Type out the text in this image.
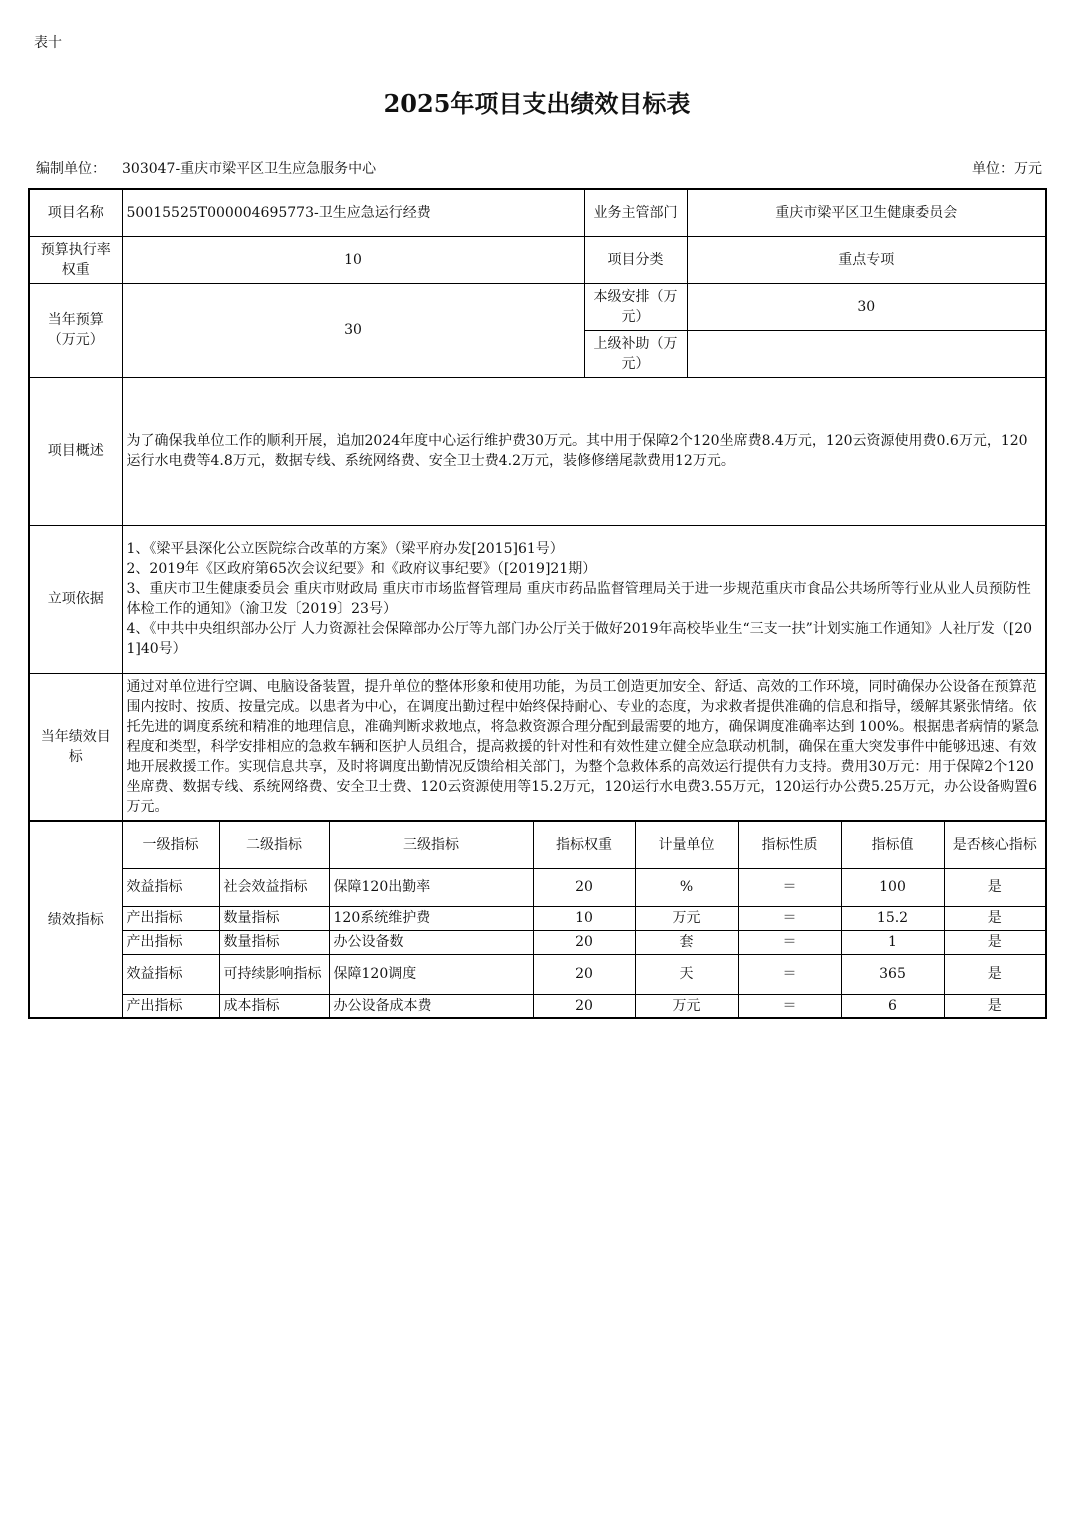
表十
2025年项目支出绩效目标表
编制单位： 303047-重庆市梁平区卫生应急服务中心	单位：万元
项目名称	50015525T000004695773-卫生应急运行经费	业务主管部门	重庆市梁平区卫生健康委员会
预算执行率权重	10	项目分类	重点专项
当年预算（万元）	30	本级安排（万元）	30
		上级补助（万元）	
项目概述	为了确保我单位工作的顺利开展，追加2024年度中心运行维护费30万元。其中用于保障2个120坐席费8.4万元，120云资源使用费0.6万元，120运行水电费等4.8万元，数据专线、系统网络费、安全卫士费4.2万元，装修修缮尾款费用12万元。		
立项依据	1、《梁平县深化公立医院综合改革的方案》（梁平府办发[2015]61号）
2、2019年《区政府第65次会议纪要》和《政府议事纪要》（[2019]21期）
3、重庆市卫生健康委员会 重庆市财政局 重庆市市场监督管理局 重庆市药品监督管理局关于进一步规范重庆市食品公共场所等行业从业人员预防性体检工作的通知》（渝卫发〔2019〕23号）
4、《中共中央组织部办公厅 人力资源社会保障部办公厅等九部门办公厅关于做好2019年高校毕业生“三支一扶”计划实施工作通知》人社厅发（[201]40号）		
当年绩效目标	通过对单位进行空调、电脑设备装置，提升单位的整体形象和使用功能，为员工创造更加安全、舒适、高效的工作环境，同时确保办公设备在预算范围内按时、按质、按量完成。以患者为中心，在调度出勤过程中始终保持耐心、专业的态度，为求救者提供准确的信息和指导，缓解其紧张情绪。依托先进的调度系统和精准的地理信息，准确判断求救地点，将急救资源合理分配到最需要的地方，确保调度准确率达到 100%。根据患者病情的紧急程度和类型，科学安排相应的急救车辆和医护人员组合，提高救援的针对性和有效性建立健全应急联动机制，确保在重大突发事件中能够迅速、有效地开展救援工作。实现信息共享，及时将调度出勤情况反馈给相关部门，为整个急救体系的高效运行提供有力支持。费用30万元：用于保障2个120坐席费、数据专线、系统网络费、安全卫士费、120云资源使用等15.2万元，120运行水电费3.55万元，120运行办公费5.25万元，办公设备购置6万元。		
绩效指标	一级指标	二级指标	三级指标	指标权重	计量单位	指标性质	指标值	是否核心指标
	效益指标	社会效益指标	保障120出勤率	20	%	＝	100	是
	产出指标	数量指标	120系统维护费	10	万元	＝	15.2	是
	产出指标	数量指标	办公设备数	20	套	＝	1	是
	效益指标	可持续影响指标	保障120调度	20	天	＝	365	是
	产出指标	成本指标	办公设备成本费	20	万元	＝	6	是
